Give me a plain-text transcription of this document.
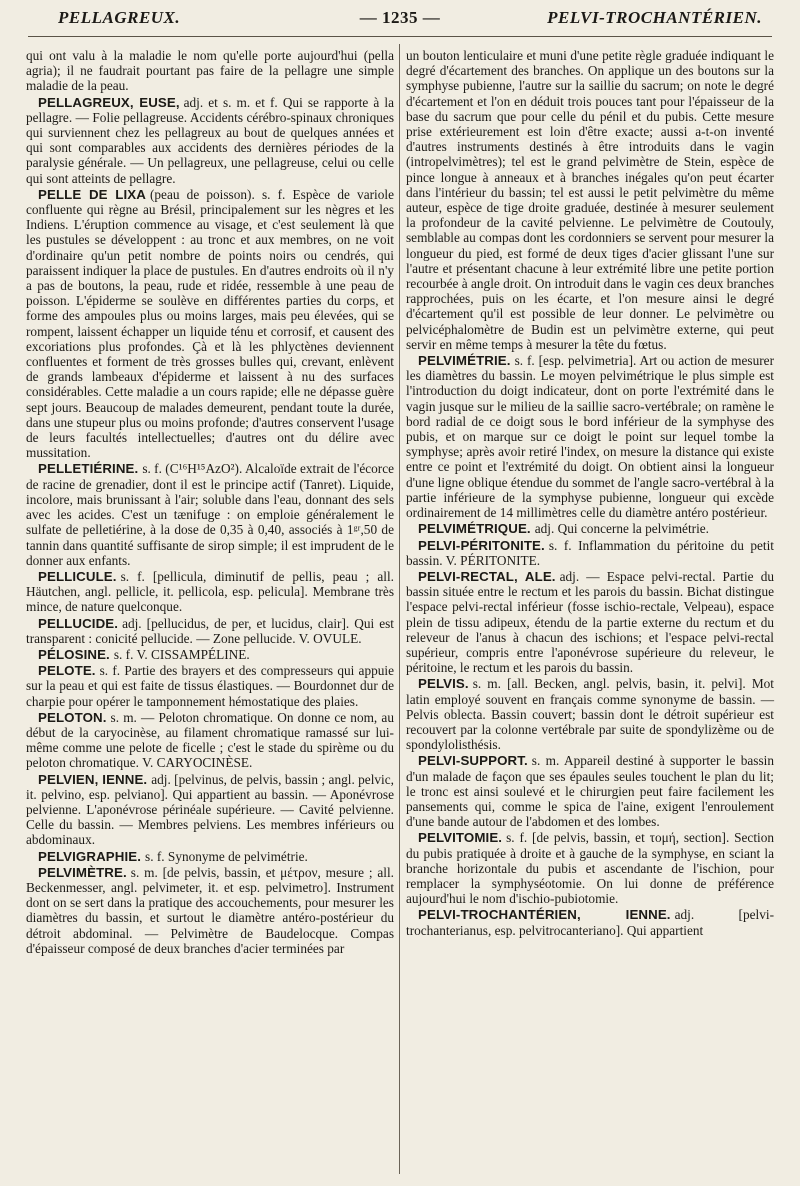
PELLAGREUX.	— 1235 —	PELVI-TROCHANTÉRIEN.

qui ont valu à la maladie le nom qu'elle porte aujourd'hui (pella agria); il ne faudrait pourtant pas faire de la pellagre une simple maladie de la peau.

PELLAGREUX, EUSE, adj. et s. m. et f. Qui se rapporte à la pellagre. — Folie pellagreuse. Accidents cérébro-spinaux chroniques qui surviennent chez les pellagreux au bout de quelques années et qui sont comparables aux accidents des dernières périodes de la paralysie générale. — Un pellagreux, une pellagreuse, celui ou celle qui sont atteints de pellagre.

PELLE DE LIXA (peau de poisson). s. f. Espèce de variole confluente qui règne au Brésil, principalement sur les nègres et les Indiens. L'éruption commence au visage, et c'est seulement là que les pustules se développent : au tronc et aux membres, on ne voit d'ordinaire qu'un petit nombre de points noirs ou cendrés, qui paraissent indiquer la place de pustules. En d'autres endroits où il n'y a pas de boutons, la peau, rude et ridée, ressemble à une peau de poisson. L'épiderme se soulève en différentes parties du corps, et forme des ampoules plus ou moins larges, mais peu élevées, qui se rompent, laissent échapper un liquide ténu et corrosif, et causent des excoriations plus profondes. Çà et là les phlyctènes deviennent confluentes et forment de très grosses bulles qui, crevant, enlèvent de grands lambeaux d'épiderme et laissent à nu des surfaces considérables. Cette maladie a un cours rapide; elle ne dépasse guère sept jours. Beaucoup de malades demeurent, pendant toute la durée, dans une stupeur plus ou moins profonde; d'autres conservent l'usage de leurs facultés intellectuelles; d'autres ont du délire avec mussitation.

PELLETIÉRINE. s. f. (C¹⁶H¹⁵AzO²). Alcaloïde extrait de l'écorce de racine de grenadier, dont il est le principe actif (Tanret). Liquide, incolore, mais brunissant à l'air; soluble dans l'eau, donnant des sels avec les acides. C'est un tænifuge : on emploie généralement le sulfate de pelletiérine, à la dose de 0,35 à 0,40, associés à 1ᵍʳ,50 de tannin dans quantité suffisante de sirop simple; il est imprudent de le donner aux enfants.

PELLICULE. s. f. [pellicula, diminutif de pellis, peau ; all. Häutchen, angl. pellicle, it. pellicola, esp. pelicula]. Membrane très mince, de nature quelconque.

PELLUCIDE. adj. [pellucidus, de per, et lucidus, clair]. Qui est transparent : conicité pellucide. — Zone pellucide. V. OVULE.

PÉLOSINE. s. f. V. CISSAMPÉLINE.

PELOTE. s. f. Partie des brayers et des compresseurs qui appuie sur la peau et qui est faite de tissus élastiques. — Bourdonnet dur de charpie pour opérer le tamponnement hémostatique des plaies.

PELOTON. s. m. — Peloton chromatique. On donne ce nom, au début de la caryocinèse, au filament chromatique ramassé sur lui-même comme une pelote de ficelle ; c'est le stade du spirème ou du peloton chromatique. V. CARYOCINÈSE.

PELVIEN, IENNE. adj. [pelvinus, de pelvis, bassin ; angl. pelvic, it. pelvino, esp. pelviano]. Qui appartient au bassin. — Aponévrose pelvienne. L'aponévrose périnéale supérieure. — Cavité pelvienne. Celle du bassin. — Membres pelviens. Les membres inférieurs ou abdominaux.

PELVIGRAPHIE. s. f. Synonyme de pelvimétrie.

PELVIMÈTRE. s. m. [de pelvis, bassin, et μέτρον, mesure ; all. Beckenmesser, angl. pelvimeter, it. et esp. pelvimetro]. Instrument dont on se sert dans la pratique des accouchements, pour mesurer les diamètres du bassin, et surtout le diamètre antéro-postérieur du détroit abdominal. — Pelvimètre de Baudelocque. Compas d'épaisseur composé de deux branches d'acier terminées par

un bouton lenticulaire et muni d'une petite règle graduée indiquant le degré d'écartement des branches. On applique un des boutons sur la symphyse pubienne, l'autre sur la saillie du sacrum; on note le degré d'écartement et l'on en déduit trois pouces tant pour l'épaisseur de la base du sacrum que pour celle du pénil et du pubis. Cette mesure prise extérieurement est loin d'être exacte; aussi a-t-on inventé d'autres instruments destinés à être introduits dans le vagin (intropelvimètres); tel est le grand pelvimètre de Stein, espèce de pince longue à anneaux et à branches inégales qu'on peut écarter dans l'intérieur du bassin; tel est aussi le petit pelvimètre du même auteur, espèce de tige droite graduée, destinée à mesurer seulement la profondeur de la cavité pelvienne. Le pelvimètre de Coutouly, semblable au compas dont les cordonniers se servent pour mesurer la longueur du pied, est formé de deux tiges d'acier glissant l'une sur l'autre et présentant chacune à leur extrémité libre une petite portion recourbée à angle droit. On introduit dans le vagin ces deux branches rapprochées, puis on les écarte, et l'on mesure ainsi le degré d'écartement qu'il est possible de leur donner. Le pelvimètre ou pelvicéphalomètre de Budin est un pelvimètre externe, qui peut servir en même temps à mesurer la tête du fœtus.

PELVIMÉTRIE. s. f. [esp. pelvimetria]. Art ou action de mesurer les diamètres du bassin. Le moyen pelvimétrique le plus simple est l'introduction du doigt indicateur, dont on porte l'extrémité dans le vagin jusque sur le milieu de la saillie sacro-vertébrale; on ramène le bord radial de ce doigt sous le bord inférieur de la symphyse des pubis, et on marque sur ce doigt le point sur lequel tombe la symphyse; après avoir retiré l'index, on mesure la distance qui existe entre ce point et l'extrémité du doigt. On obtient ainsi la longueur d'une ligne oblique étendue du sommet de l'angle sacro-vertébral à la partie inférieure de la symphyse pubienne, longueur qui excède ordinairement de 14 millimètres celle du diamètre antéro postérieur.

PELVIMÉTRIQUE. adj. Qui concerne la pelvimétrie.

PELVI-PÉRITONITE. s. f. Inflammation du péritoine du petit bassin. V. PÉRITONITE.

PELVI-RECTAL, ALE. adj. — Espace pelvi-rectal. Partie du bassin située entre le rectum et les parois du bassin. Bichat distingue l'espace pelvi-rectal inférieur (fosse ischio-rectale, Velpeau), espace plein de tissu adipeux, étendu de la partie externe du rectum et du releveur de l'anus à chacun des ischions; et l'espace pelvi-rectal supérieur, compris entre l'aponévrose supérieure du releveur, le péritoine, le rectum et les parois du bassin.

PELVIS. s. m. [all. Becken, angl. pelvis, basin, it. pelvi]. Mot latin employé souvent en français comme synonyme de bassin. — Pelvis oblecta. Bassin couvert; bassin dont le détroit supérieur est recouvert par la colonne vertébrale par suite de spondylizème ou de spondylolisthésis.

PELVI-SUPPORT. s. m. Appareil destiné à supporter le bassin d'un malade de façon que ses épaules seules touchent le plan du lit; le tronc est ainsi soulevé et le chirurgien peut faire facilement les pansements qui, comme le spica de l'aine, exigent l'enroulement d'une bande autour de l'abdomen et des lombes.

PELVITOMIE. s. f. [de pelvis, bassin, et τομή, section]. Section du pubis pratiquée à droite et à gauche de la symphyse, en sciant la branche horizontale du pubis et ascendante de l'ischion, pour remplacer la symphyséotomie. On lui donne de préférence aujourd'hui le nom d'ischio-pubiotomie.

PELVI-TROCHANTÉRIEN, IENNE. adj. [pelvi-trochanterianus, esp. pelvitrocanteriano]. Qui appartient
